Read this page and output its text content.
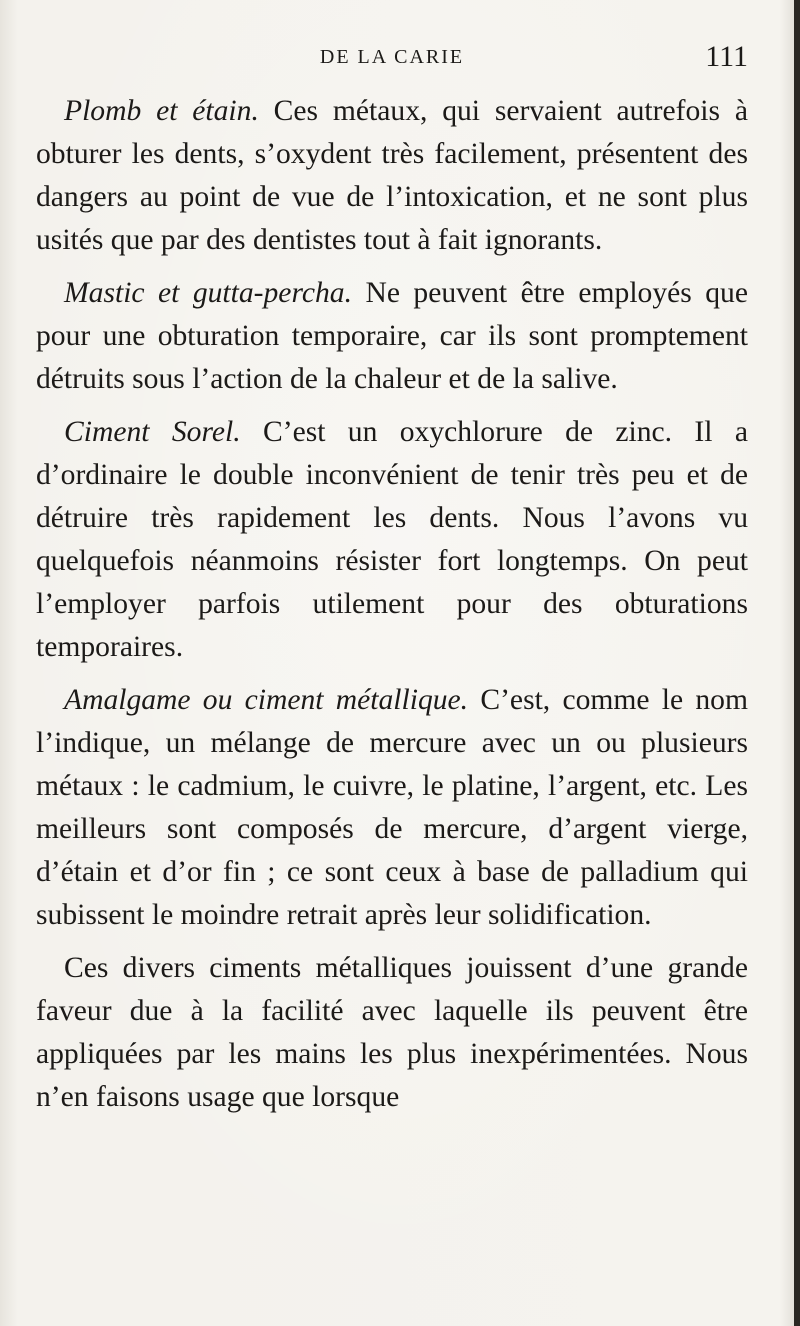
DE LA CARIE	111

Plomb et étain. Ces métaux, qui servaient autrefois à obturer les dents, s’oxydent très facilement, présentent des dangers au point de vue de l’intoxication, et ne sont plus usités que par des dentistes tout à fait ignorants.

Mastic et gutta-percha. Ne peuvent être employés que pour une obturation temporaire, car ils sont promptement détruits sous l’action de la chaleur et de la salive.

Ciment Sorel. C’est un oxychlorure de zinc. Il a d’ordinaire le double inconvénient de tenir très peu et de détruire très rapidement les dents. Nous l’avons vu quelquefois néanmoins résister fort longtemps. On peut l’employer parfois utilement pour des obturations temporaires.

Amalgame ou ciment métallique. C’est, comme le nom l’indique, un mélange de mercure avec un ou plusieurs métaux : le cadmium, le cuivre, le platine, l’argent, etc. Les meilleurs sont composés de mercure, d’argent vierge, d’étain et d’or fin ; ce sont ceux à base de palladium qui subissent le moindre retrait après leur solidification.

Ces divers ciments métalliques jouissent d’une grande faveur due à la facilité avec laquelle ils peuvent être appliquées par les mains les plus inexpérimentées. Nous n’en faisons usage que lorsque
